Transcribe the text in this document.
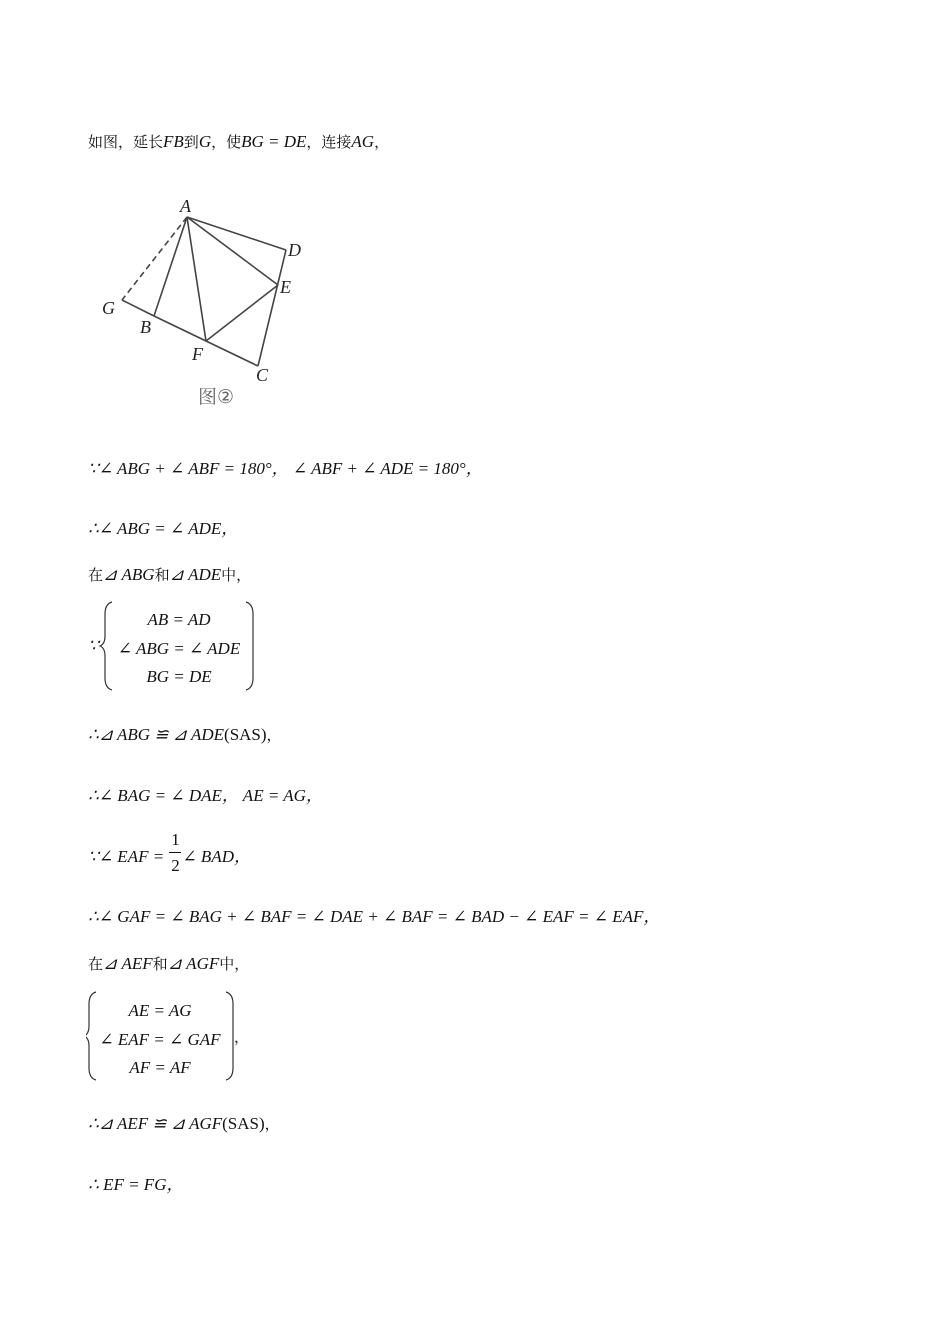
如图，延长FB到G，使BG = DE，连接AG，
A
D
E
G
B
F
C
图②
∵∠ ABG + ∠ ABF = 180°， ∠ ABF + ∠ ADE = 180°，
∴∠ ABG = ∠ ADE，
在⊿ ABG和⊿ ADE中，
∵
AB = AD
∠ ABG = ∠ ADE
BG = DE
∴⊿ ABG ≌ ⊿ ADE(SAS)，
∴∠ BAG = ∠ DAE， AE = AG，
∵∠ EAF = $\frac{1}{2}$ ∠ BAD，
∴∠ GAF = ∠ BAG + ∠ BAF = ∠ DAE + ∠ BAF = ∠ BAD − ∠ EAF = ∠ EAF，
在⊿ AEF和⊿ AGF中，
AE = AG
∠ EAF = ∠ GAF
AF = AF
，
∴⊿ AEF ≌ ⊿ AGF(SAS)，
∴ EF = FG，
